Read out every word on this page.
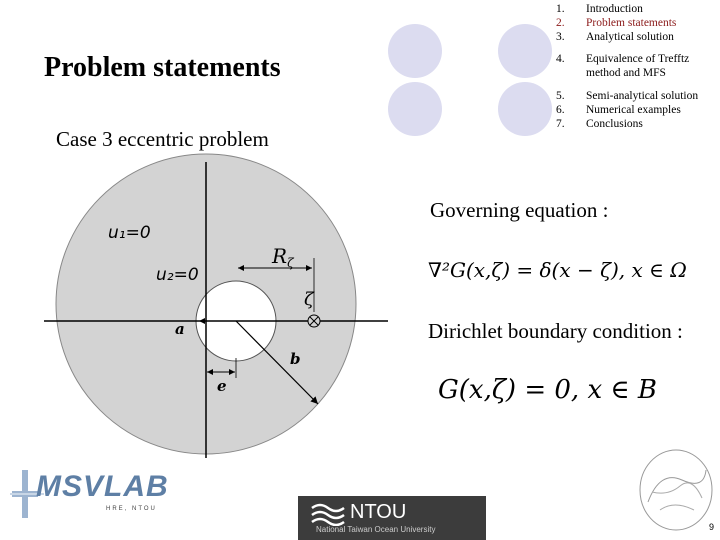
Problem statements
Case 3 eccentric problem
1.	Introduction
2.	Problem statements
3.	Analytical solution
4.	Equivalence of Trefftz method and MFS
5.	Semi-analytical solution
6.	Numerical examples
7.	Conclusions
u₁=0
u₂=0
$R_\zeta$
ζ
a
b
e
Governing equation :
∇²G(x,ζ) = δ(x − ζ), x ∈ Ω
Dirichlet boundary condition :
G(x,ζ) = 0, x ∈ B
MSVLAB
HRE, NTOU	NTOU
National Taiwan Ocean University	9
